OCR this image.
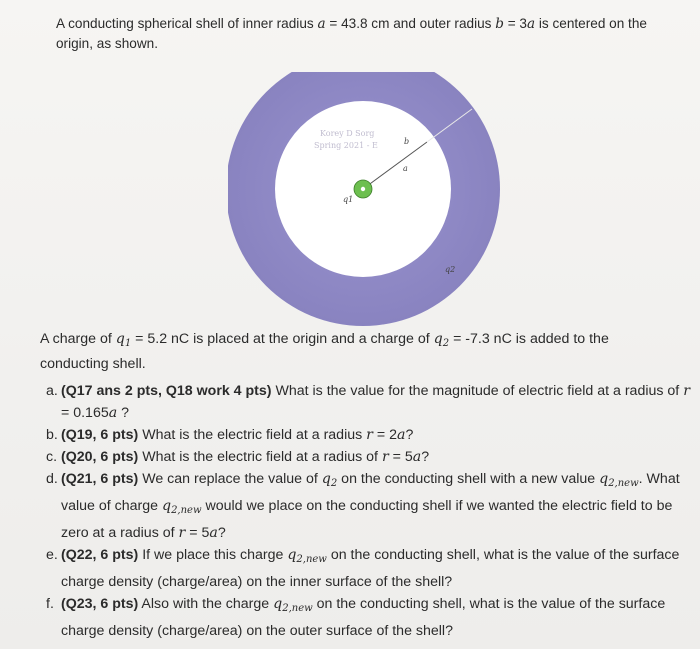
A conducting spherical shell of inner radius a = 43.8 cm and outer radius b = 3a is centered on the origin, as shown.
Korey D Sorg
Spring 2021 - E
a
b
q1
q2
A charge of $q_1 = 5.2$ nC is placed at the origin and a charge of $q_2 = -7.3$ nC is added to the conducting shell.
a. (Q17 ans 2 pts, Q18 work 4 pts) What is the value for the magnitude of electric field at a radius of r = 0.165a ?
b. (Q19, 6 pts) What is the electric field at a radius r = 2a?
c. (Q20, 6 pts) What is the electric field at a radius of r = 5a?
d. (Q21, 6 pts) We can replace the value of $q_2$ on the conducting shell with a new value $q_{2,new}$. What value of charge $q_{2,new}$ would we place on the conducting shell if we wanted the electric field to be zero at a radius of r = 5a?
e. (Q22, 6 pts) If we place this charge $q_{2,new}$ on the conducting shell, what is the value of the surface charge density (charge/area) on the inner surface of the shell?
f. (Q23, 6 pts) Also with the charge $q_{2,new}$ on the conducting shell, what is the value of the surface charge density (charge/area) on the outer surface of the shell?
